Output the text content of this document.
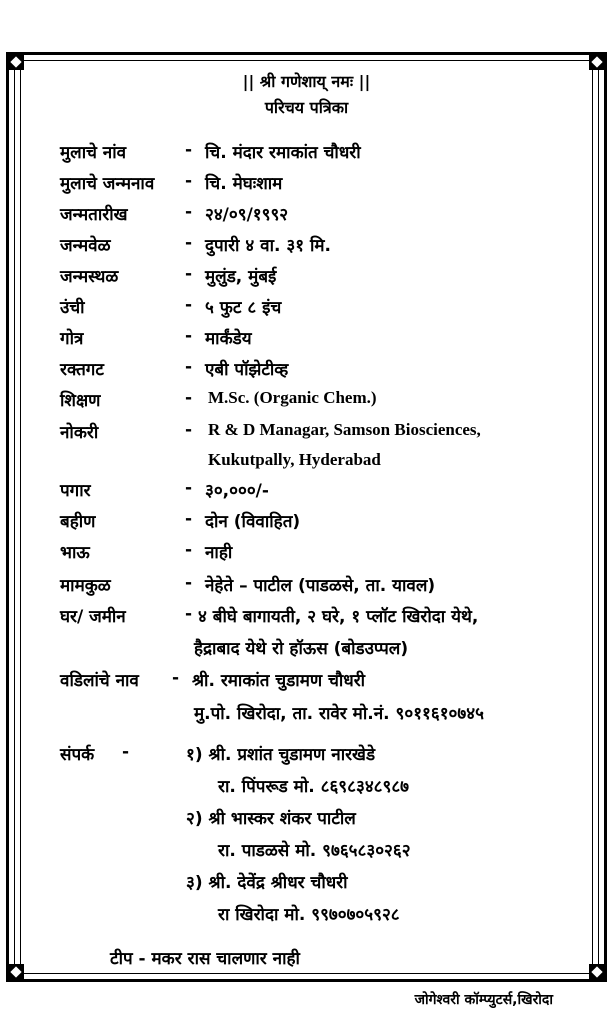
|| श्री गणेशाय् नमः ||
परिचय पत्रिका
मुलाचे नांव	- चि. मंदार रमाकांत चौधरी
मुलाचे जन्मनाव - चि. मेघःशाम
जन्मतारीख	- २४/०९/१९९२
जन्मवेळ	- दुपारी ४ वा. ३१ मि.
जन्मस्थळ	- मुलुंड, मुंबई
उंची	- ५ फुट ८ इंच
गोत्र	- मार्कंडेय
रक्तगट	- एबी पॉझेटीव्ह
शिक्षण	- M.Sc. (Organic Chem.)
नोकरी	- R & D Managar, Samson Biosciences,
Kukutpally, Hyderabad
पगार	- ३०,०००/-
बहीण	- दोन (विवाहित)
भाऊ	- नाही
मामकुळ	- नेहेते – पाटील (पाडळसे, ता. यावल)
घर/ जमीन	- ४ बीघे बागायती, २ घरे, १ प्लॉट खिरोदा येथे,
हैद्राबाद येथे रो हॉऊस (बोडउप्पल)
वडिलांचे नाव - श्री. रमाकांत चुडामण चौधरी
मु.पो. खिरोदा, ता. रावेर मो.नं. ९०११६१०७४५
संपर्क -	१) श्री. प्रशांत चुडामण नारखेडे
रा. पिंपरूड मो. ८६९८३४८९८७
२) श्री भास्कर शंकर पाटील
रा. पाडळसे मो. ९७६५८३०२६२
३) श्री. देवेंद्र श्रीधर चौधरी
रा खिरोदा मो. ९९७०७०५९२८
टीप - मकर रास चालणार नाही
जोगेश्वरी कॉम्प्युटर्स,खिरोदा
